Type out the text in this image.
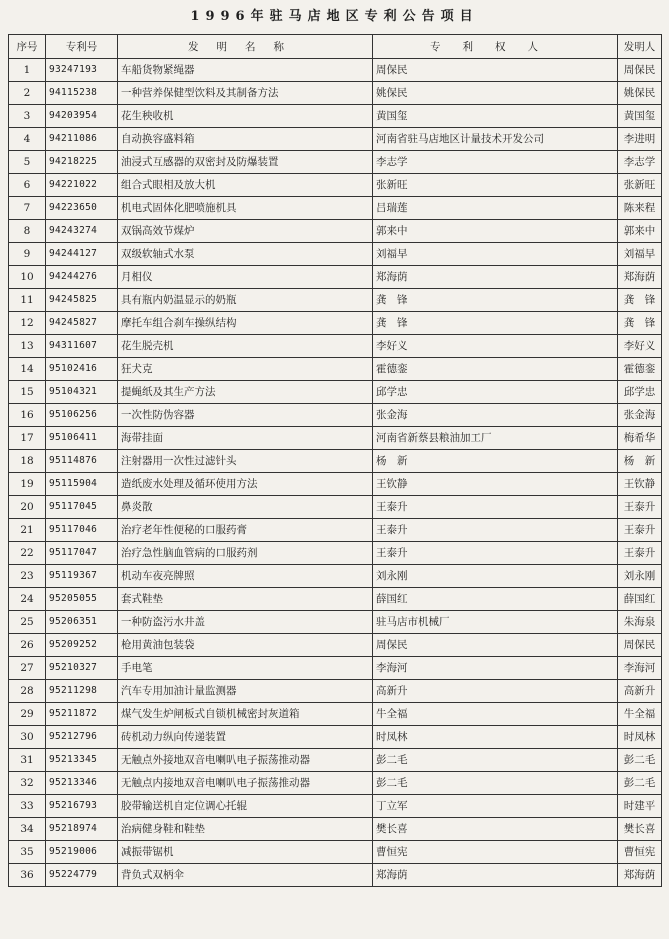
1996年驻马店地区专利公告项目
序号	专利号	发明名称	专利权人	发明人
1	93247193	车船货物紧绳器	周保民	周保民
2	94115238	一种营养保健型饮料及其制备方法	姚保民	姚保民
3	94203954	花生秧收机	黄国玺	黄国玺
4	94211086	自动换容盛料箱	河南省驻马店地区计量技术开发公司	李进明
5	94218225	油浸式互感器的双密封及防爆装置	李志学	李志学
6	94221022	组合式眼相及放大机	张新旺	张新旺
7	94223650	机电式固体化肥喷施机具	吕瑞莲	陈来程
8	94243274	双锅高效节煤炉	郭来中	郭来中
9	94244127	双级软轴式水泵	刘福早	刘福早
10	94244276	月相仪	郑海荫	郑海荫
11	94245825	具有瓶内奶温显示的奶瓶	龚　锋	龚　锋
12	94245827	摩托车组合刹车操纵结构	龚　锋	龚　锋
13	94311607	花生脱壳机	李好义	李好义
14	95102416	狂犬克	霍德銮	霍德銮
15	95104321	提蝇纸及其生产方法	邱学忠	邱学忠
16	95106256	一次性防伪容器	张金海	张金海
17	95106411	海带挂面	河南省新蔡县粮油加工厂	梅希华
18	95114876	注射器用一次性过滤针头	杨　新	杨　新
19	95115904	造纸废水处理及循环使用方法	王钦静	王钦静
20	95117045	鼻炎散	王泰升	王泰升
21	95117046	治疗老年性便秘的口服药膏	王泰升	王泰升
22	95117047	治疗急性脑血管病的口服药剂	王泰升	王泰升
23	95119367	机动车夜亮牌照	刘永刚	刘永刚
24	95205055	套式鞋垫	薛国红	薛国红
25	95206351	一种防盗污水井盖	驻马店市机械厂	朱海泉
26	95209252	枪用黄油包装袋	周保民	周保民
27	95210327	手电笔	李海河	李海河
28	95211298	汽车专用加油计量监测器	高新升	高新升
29	95211872	煤气发生炉闸板式自锁机械密封灰道箱	牛全福	牛全福
30	95212796	砖机动力纵向传递装置	时凤林	时凤林
31	95213345	无触点外接地双音电喇叭电子振荡推动器	彭二毛	彭二毛
32	95213346	无触点内接地双音电喇叭电子振荡推动器	彭二毛	彭二毛
33	95216793	胶带输送机自定位调心托辊	丁立军	时建平
34	95218974	治病健身鞋和鞋垫	樊长喜	樊长喜
35	95219006	减振带锯机	曹恒宪	曹恒宪
36	95224779	背负式双柄伞	郑海荫	郑海荫
